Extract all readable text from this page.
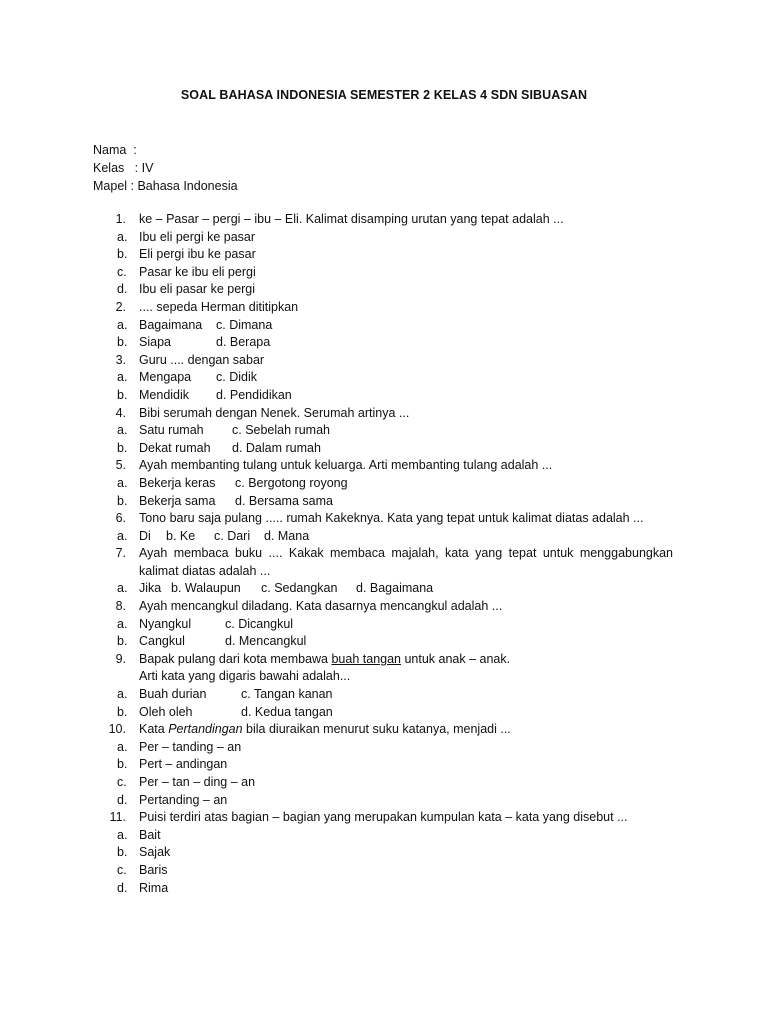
SOAL BAHASA INDONESIA SEMESTER 2 KELAS 4 SDN SIBUASAN
Nama  :
Kelas   : IV
Mapel : Bahasa Indonesia
1. ke – Pasar – pergi – ibu – Eli. Kalimat disamping urutan yang tepat adalah ...
a. Ibu eli pergi ke pasar
b. Eli pergi ibu ke pasar
c. Pasar ke ibu eli pergi
d. Ibu eli pasar ke pergi
2. .... sepeda Herman dititipkan
a. Bagaimana c. Dimana
b. Siapa	d. Berapa
3. Guru .... dengan sabar
a. Mengapa c. Didik
b. Mendidik d. Pendidikan
4. Bibi serumah dengan Nenek. Serumah artinya ...
a. Satu rumah c. Sebelah rumah
b. Dekat rumah d. Dalam rumah
5. Ayah membanting tulang untuk keluarga. Arti membanting tulang adalah ...
a. Bekerja keras c. Bergotong royong
b. Bekerja sama d. Bersama sama
6. Tono baru saja pulang ..... rumah Kakeknya. Kata yang tepat untuk kalimat diatas adalah ...
a. Di b. Ke c. Dari d. Mana
7. Ayah membaca buku .... Kakak membaca majalah, kata yang tepat untuk menggabungkan kalimat diatas adalah ...
a. Jika b. Walaupun c. Sedangkan d. Bagaimana
8. Ayah mencangkul diladang. Kata dasarnya mencangkul adalah ...
a. Nyangkul	c. Dicangkul
b. Cangkul	d. Mencangkul
9. Bapak pulang dari kota membawa buah tangan untuk anak – anak.
Arti kata yang digaris bawahi adalah...
a. Buah durian	c. Tangan kanan
b. Oleh oleh	d. Kedua tangan
10. Kata Pertandingan bila diuraikan menurut suku katanya, menjadi ...
a. Per – tanding – an
b. Pert – andingan
c. Per – tan – ding – an
d. Pertanding – an
11. Puisi terdiri atas bagian – bagian yang merupakan kumpulan kata – kata yang disebut ...
a. Bait
b. Sajak
c. Baris
d. Rima
